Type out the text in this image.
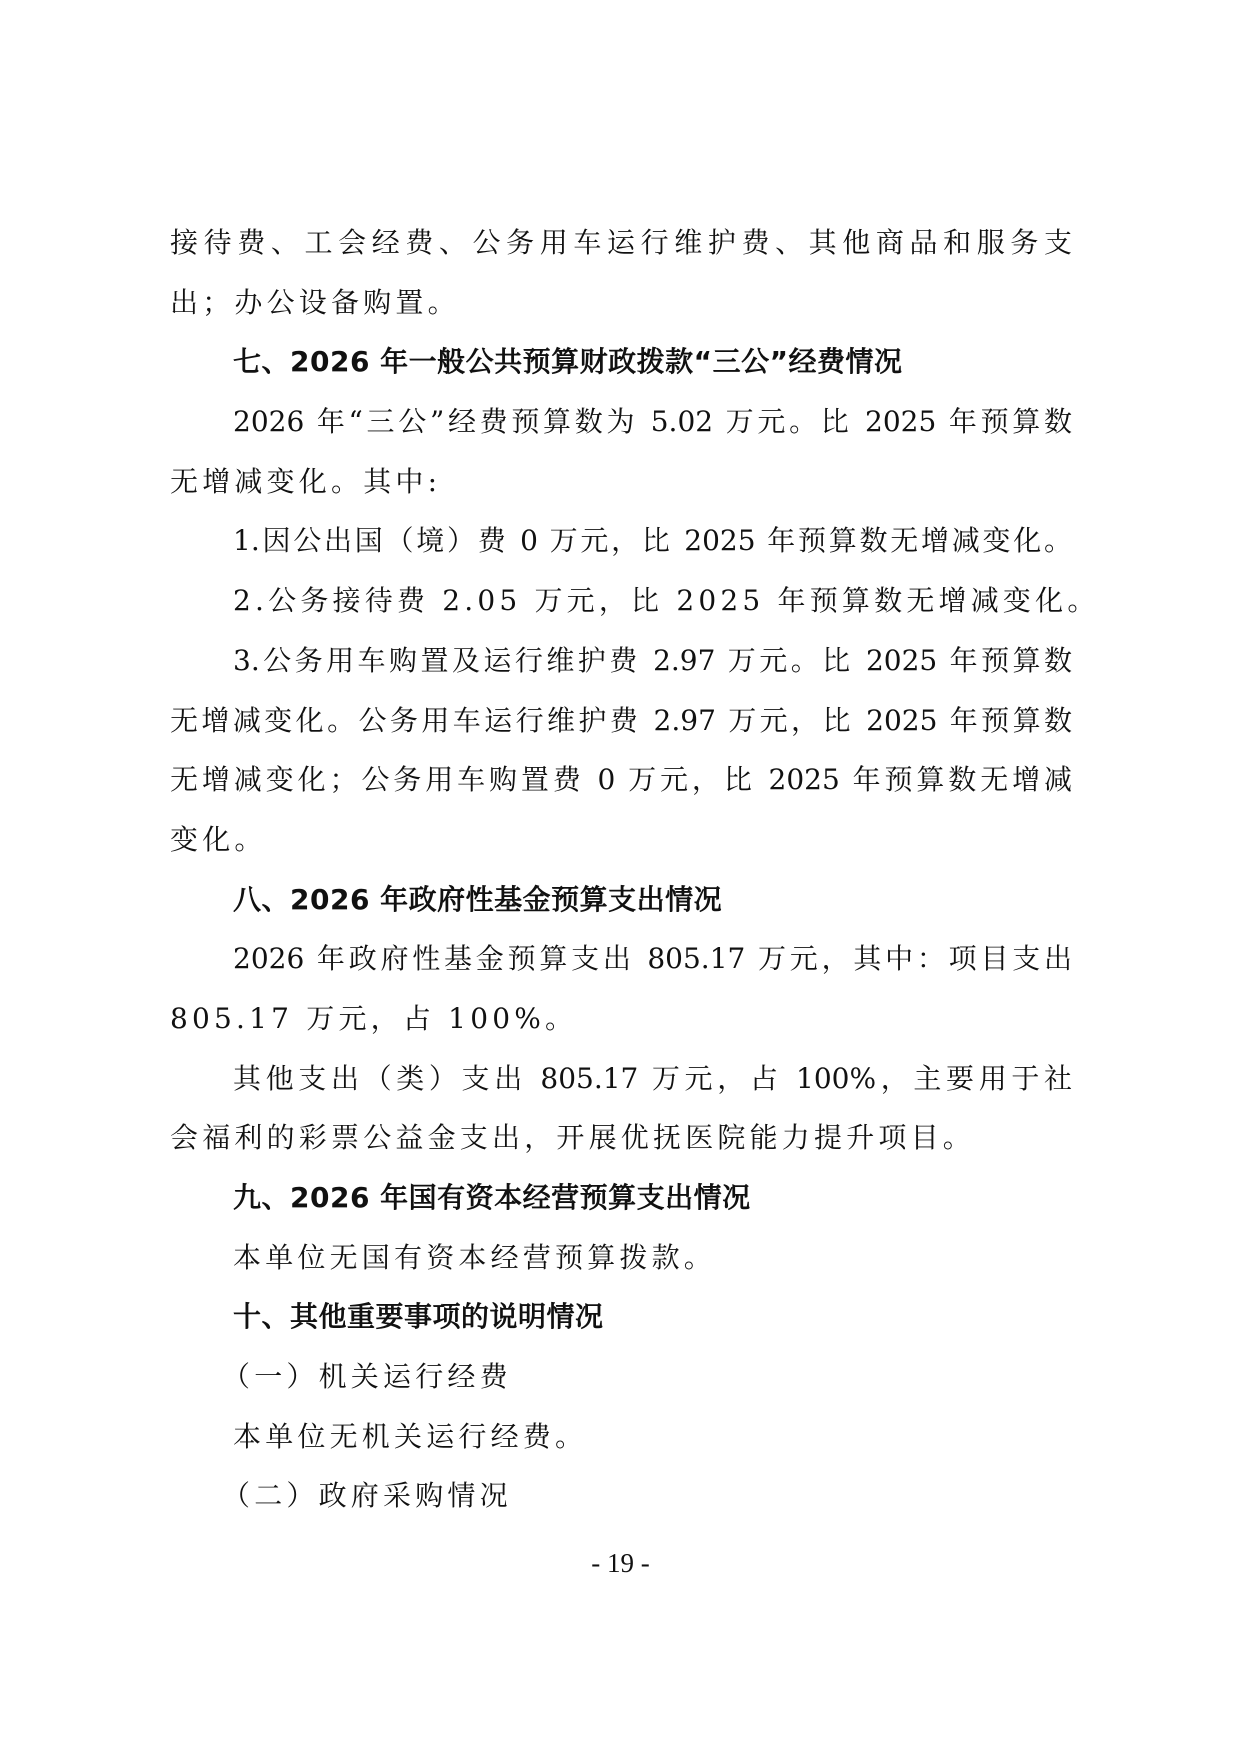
接待费、工会经费、公务用车运行维护费、其他商品和服务支

出；办公设备购置。

七、2026 年一般公共预算财政拨款“三公”经费情况

2026 年“三公”经费预算数为 5.02 万元。比 2025 年预算数

无增减变化。其中:

1.因公出国（境）费 0 万元，比 2025 年预算数无增减变化。

2.公务接待费 2.05 万元，比 2025 年预算数无增减变化。

3.公务用车购置及运行维护费 2.97 万元。比 2025 年预算数

无增减变化。公务用车运行维护费 2.97 万元，比 2025 年预算数

无增减变化；公务用车购置费 0 万元，比 2025 年预算数无增减

变化。

八、2026 年政府性基金预算支出情况

2026 年政府性基金预算支出 805.17 万元，其中：项目支出

805.17 万元，占 100%。

其他支出（类）支出 805.17 万元，占 100%，主要用于社

会福利的彩票公益金支出，开展优抚医院能力提升项目。

九、2026 年国有资本经营预算支出情况

本单位无国有资本经营预算拨款。

十、其他重要事项的说明情况

（一）机关运行经费

本单位无机关运行经费。

（二）政府采购情况

- 19 -
